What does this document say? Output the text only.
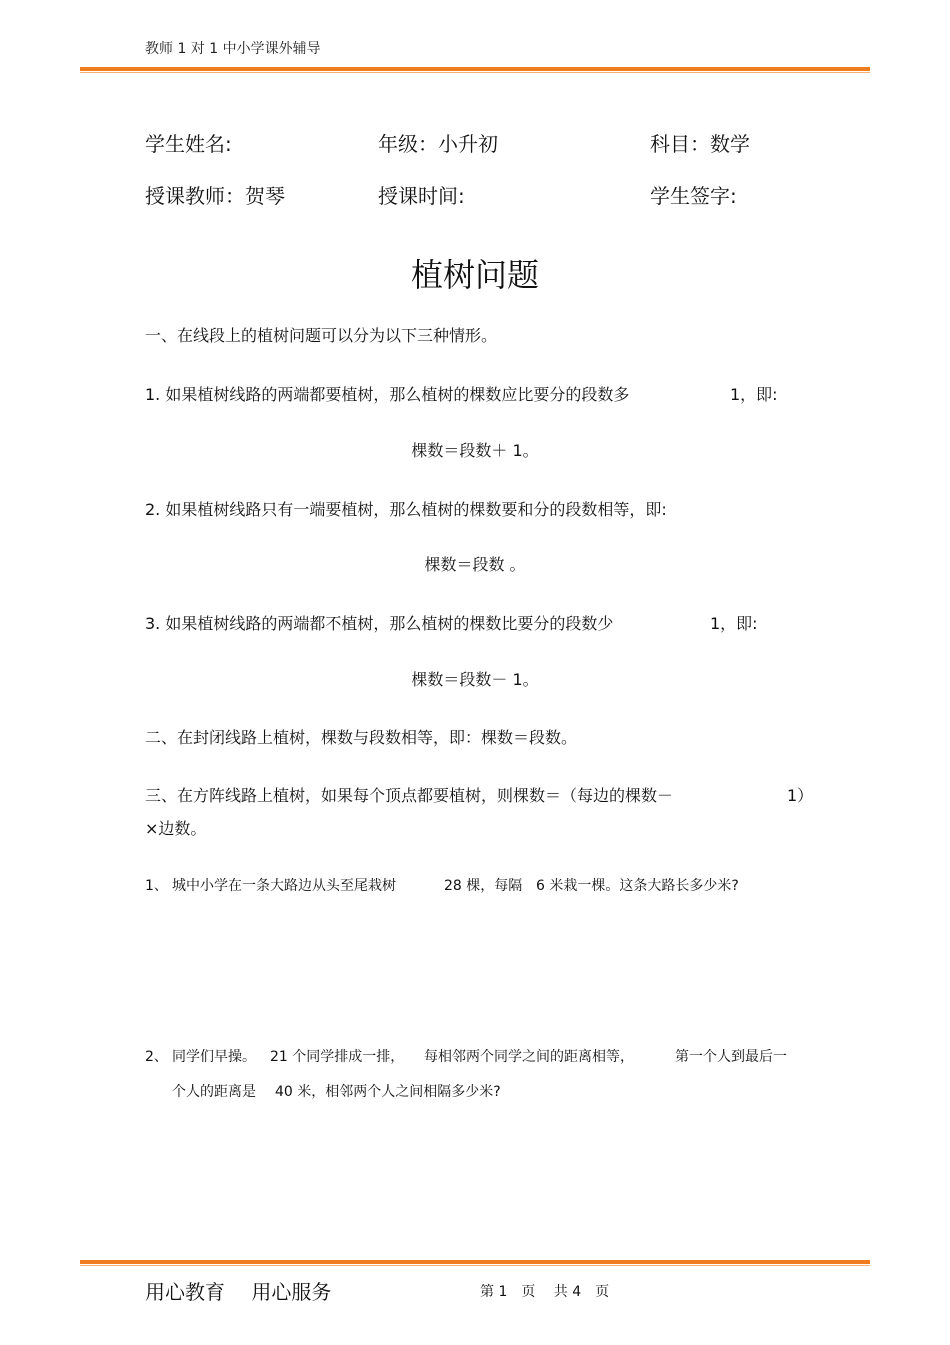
教师 1 对 1 中小学课外辅导
学生姓名:	年级：小升初	科目：数学
授课教师：贺琴	授课时间:	学生签字:
植树问题
一、在线段上的植树问题可以分为以下三种情形。
1. 如果植树线路的两端都要植树，那么植树的棵数应比要分的段数多	1，即:
棵数＝段数＋ 1。
2. 如果植树线路只有一端要植树，那么植树的棵数要和分的段数相等，即:
棵数＝段数 。
3. 如果植树线路的两端都不植树，那么植树的棵数比要分的段数少	1，即:
棵数＝段数－ 1。
二、在封闭线路上植树，棵数与段数相等，即：棵数＝段数。
三、在方阵线路上植树，如果每个顶点都要植树，则棵数＝（每边的棵数－	1）
×边数。
1、 城中小学在一条大路边从头至尾栽树	28 棵，每隔 6 米栽一棵。这条大路长多少米?
2、 同学们早操。 21 个同学排成一排， 每相邻两个同学之间的距离相等，	第一个人到最后一
个人的距离是 40 米，相邻两个人之间相隔多少米?
用心教育　 用心服务	第 1　页　 共 4　页
